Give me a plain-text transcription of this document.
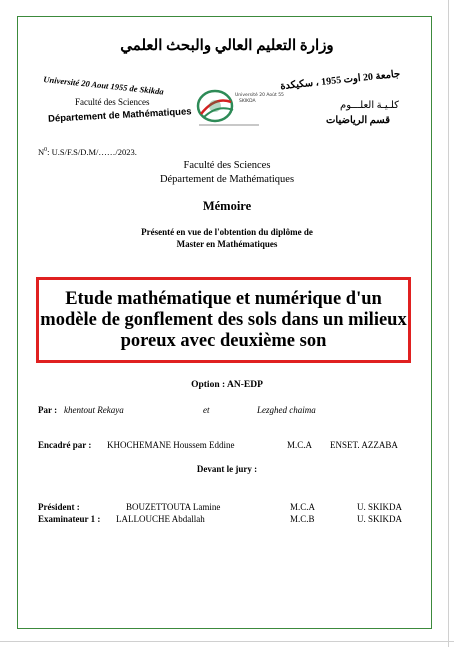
وزارة التعليم العالي والبحث العلمي
Université 20 Aout 1955 de Skikda
Faculté des Sciences
Département de Mathématiques
Université 20 Août 55
SKIKDA
جامعة 20 اوت 1955 ، سكيكدة
كلـيـة العلـــوم
قسم الرياضيات
$N^0$: U.S/F.S/D.M/……/2023.
Faculté des Sciences
Département de Mathématiques
Mémoire
Présenté en vue de l'obtention du diplôme de
Master en Mathématiques
Etude mathématique et numérique d'un modèle de gonflement des sols dans un milieux poreux avec deuxième son
Option : AN-EDP
Par : khentout Rekaya	et	Lezghed chaima
Encadré par : KHOCHEMANE Houssem Eddine	M.C.A ENSET. AZZABA
Devant le jury :
Président :	BOUZETTOUTA Lamine	M.C.A	U. SKIKDA
Examinateur 1 : LALLOUCHE Abdallah	M.C.B	U. SKIKDA
